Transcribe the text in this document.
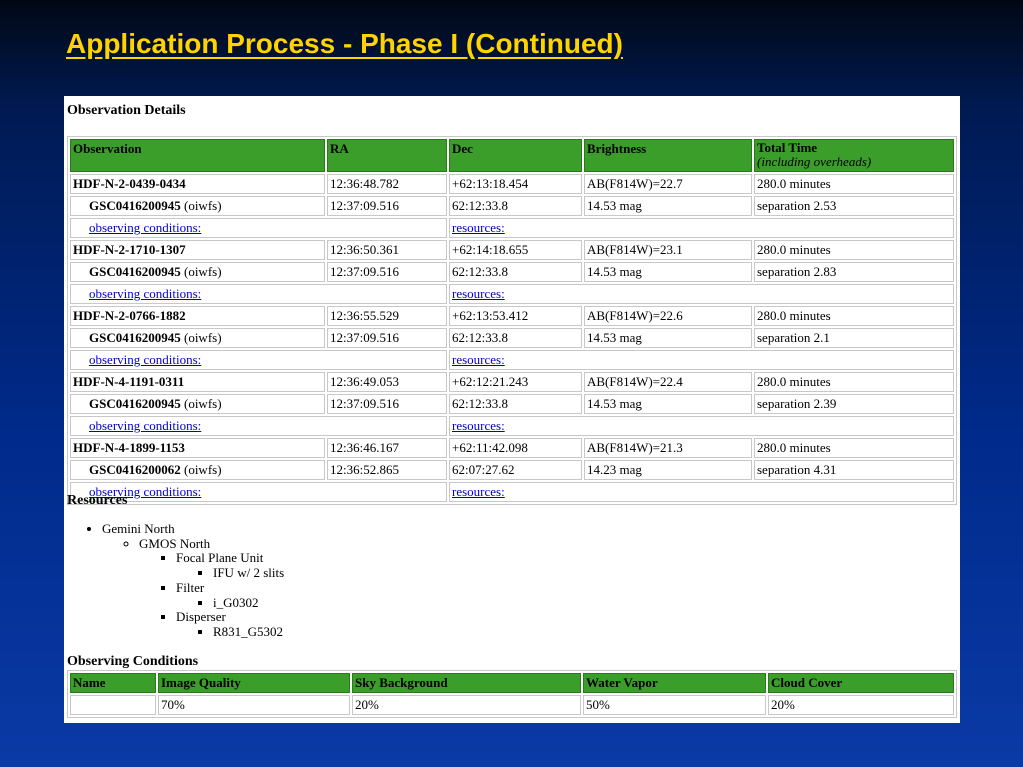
Application Process - Phase I (Continued)
Observation Details
Observation	RA	Dec	Brightness	Total Time
(including overheads)
HDF-N-2-0439-0434	12:36:48.782	+62:13:18.454	AB(F814W)=22.7	280.0 minutes
GSC0416200945 (oiwfs)	12:37:09.516	62:12:33.8	14.53 mag	separation 2.53
observing conditions:		resources:		
HDF-N-2-1710-1307	12:36:50.361	+62:14:18.655	AB(F814W)=23.1	280.0 minutes
GSC0416200945 (oiwfs)	12:37:09.516	62:12:33.8	14.53 mag	separation 2.83
observing conditions:		resources:		
HDF-N-2-0766-1882	12:36:55.529	+62:13:53.412	AB(F814W)=22.6	280.0 minutes
GSC0416200945 (oiwfs)	12:37:09.516	62:12:33.8	14.53 mag	separation 2.1
observing conditions:		resources:		
HDF-N-4-1191-0311	12:36:49.053	+62:12:21.243	AB(F814W)=22.4	280.0 minutes
GSC0416200945 (oiwfs)	12:37:09.516	62:12:33.8	14.53 mag	separation 2.39
observing conditions:		resources:		
HDF-N-4-1899-1153	12:36:46.167	+62:11:42.098	AB(F814W)=21.3	280.0 minutes
GSC0416200062 (oiwfs)	12:36:52.865	62:07:27.62	14.23 mag	separation 4.31
observing conditions:		resources:		
Resources
• Gemini North
◦ GMOS North
▪ Focal Plane Unit
▪ IFU w/ 2 slits
▪ Filter
▪ i_G0302
▪ Disperser
▪ R831_G5302
Observing Conditions
Name	Image Quality	Sky Background	Water Vapor	Cloud Cover
	70%	20%	50%	20%
